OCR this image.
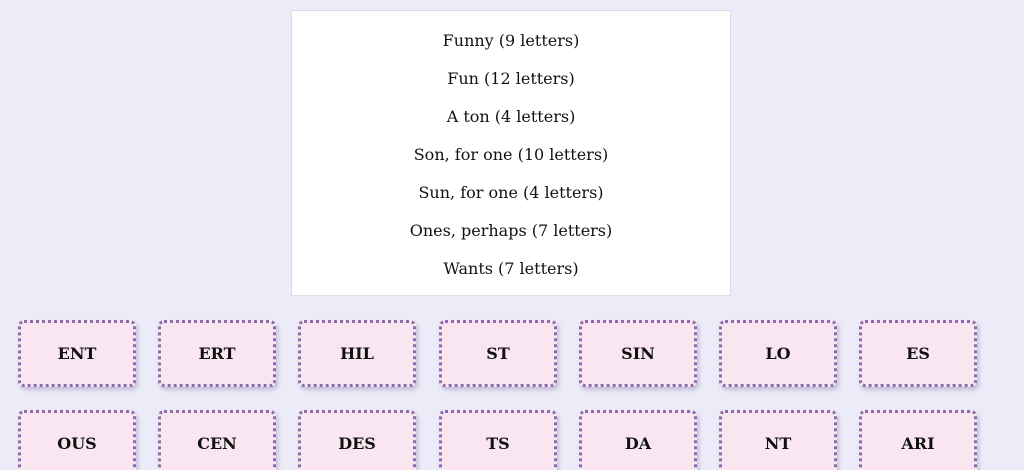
Funny (9 letters)
Fun (12 letters)
A ton (4 letters)
Son, for one (10 letters)
Sun, for one (4 letters)
Ones, perhaps (7 letters)
Wants (7 letters)
ENT	ERT	HIL	ST	SIN	LO	ES
OUS	CEN	DES	TS	DA	NT	ARI
